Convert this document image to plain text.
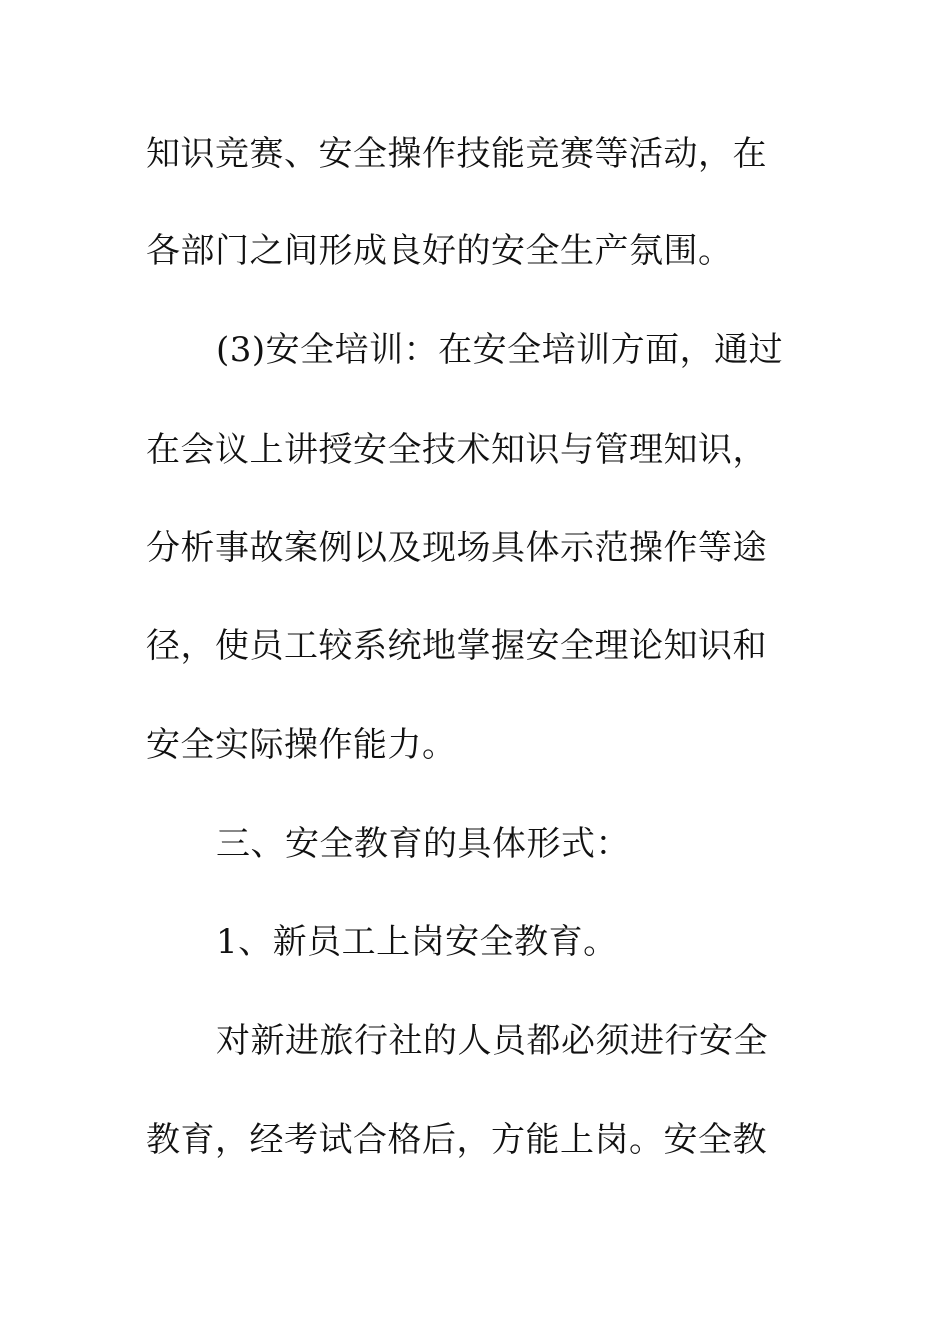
知识竞赛、安全操作技能竞赛等活动，在
各部门之间形成良好的安全生产氛围。
(3)安全培训：在安全培训方面，通过
在会议上讲授安全技术知识与管理知识，
分析事故案例以及现场具体示范操作等途
径，使员工较系统地掌握安全理论知识和
安全实际操作能力。
三、安全教育的具体形式：
1、新员工上岗安全教育。
对新进旅行社的人员都必须进行安全
教育，经考试合格后，方能上岗。安全教
